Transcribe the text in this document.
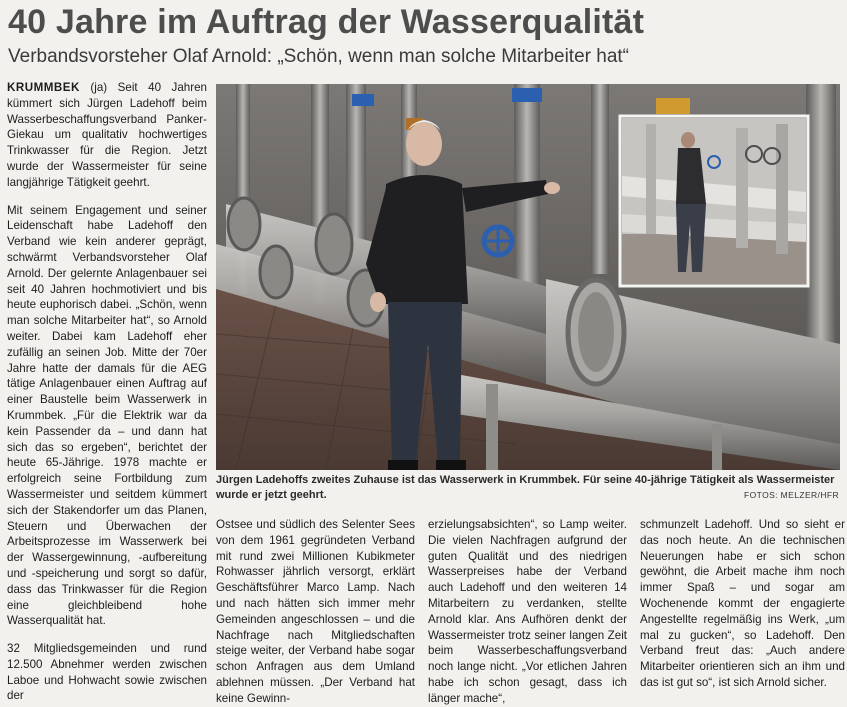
40 Jahre im Auftrag der Wasserqualität
Verbandsvorsteher Olaf Arnold: „Schön, wenn man solche Mitarbeiter hat“

KRUMMBEK (ja) Seit 40 Jahren kümmert sich Jürgen Ladehoff beim Wasserbeschaffungsverband Panker-Giekau um qualitativ hochwertiges Trinkwasser für die Region. Jetzt wurde der Wassermeister für seine langjährige Tätigkeit geehrt.

Mit seinem Engagement und seiner Leidenschaft habe Ladehoff den Verband wie kein anderer geprägt, schwärmt Verbandsvorsteher Olaf Arnold. Der gelernte Anlagenbauer sei seit 40 Jahren hochmotiviert und bis heute euphorisch dabei. „Schön, wenn man solche Mitarbeiter hat“, so Arnold weiter. Dabei kam Ladehoff eher zufällig an seinen Job. Mitte der 70er Jahre hatte der damals für die AEG tätige Anlagenbauer einen Auftrag auf einer Baustelle beim Wasserwerk in Krummbek. „Für die Elektrik war da kein Passender da – und dann hat sich das so ergeben“, berichtet der heute 65-Jährige. 1978 machte er erfolgreich seine Fortbildung zum Wassermeister und seitdem kümmert sich der Stakendorfer um das Planen, Steuern und Überwachen der Arbeitsprozesse im Wasserwerk bei der Wassergewinnung, -aufbereitung und -speicherung und sorgt so dafür, dass das Trinkwasser für die Region eine gleichbleibend hohe Wasserqualität hat.

32 Mitgliedsgemeinden und rund 12.500 Abnehmer werden zwischen Laboe und Hohwacht sowie zwischen der

Jürgen Ladehoffs zweites Zuhause ist das Wasserwerk in Krummbek. Für seine 40-jährige Tätigkeit als Wassermeister wurde er jetzt geehrt.	FOTOS: MELZER/HFR

Ostsee und südlich des Selenter Sees von dem 1961 gegründeten Verband mit rund zwei Millionen Kubikmeter Rohwasser jährlich versorgt, erklärt Geschäftsführer Marco Lamp. Nach und nach hätten sich immer mehr Gemeinden angeschlossen – und die Nachfrage nach Mitgliedschaften steige weiter, der Verband habe sogar schon Anfragen aus dem Umland ablehnen müssen. „Der Verband hat keine Gewinn-

erzielungsabsichten“, so Lamp weiter. Die vielen Nachfragen aufgrund der guten Qualität und des niedrigen Wasserpreises habe der Verband auch Ladehoff und den weiteren 14 Mitarbeitern zu verdanken, stellte Arnold klar. Ans Aufhören denkt der Wassermeister trotz seiner langen Zeit beim Wasserbeschaffungsverband noch lange nicht. „Vor etlichen Jahren habe ich schon gesagt, dass ich länger mache“,

schmunzelt Ladehoff. Und so sieht er das noch heute. An die technischen Neuerungen habe er sich schon gewöhnt, die Arbeit mache ihm noch immer Spaß – und sogar am Wochenende kommt der engagierte Angestellte regelmäßig ins Werk, „um mal zu gucken“, so Ladehoff. Den Verband freut das: „Auch andere Mitarbeiter orientieren sich an ihm und das ist gut so“, ist sich Arnold sicher.
